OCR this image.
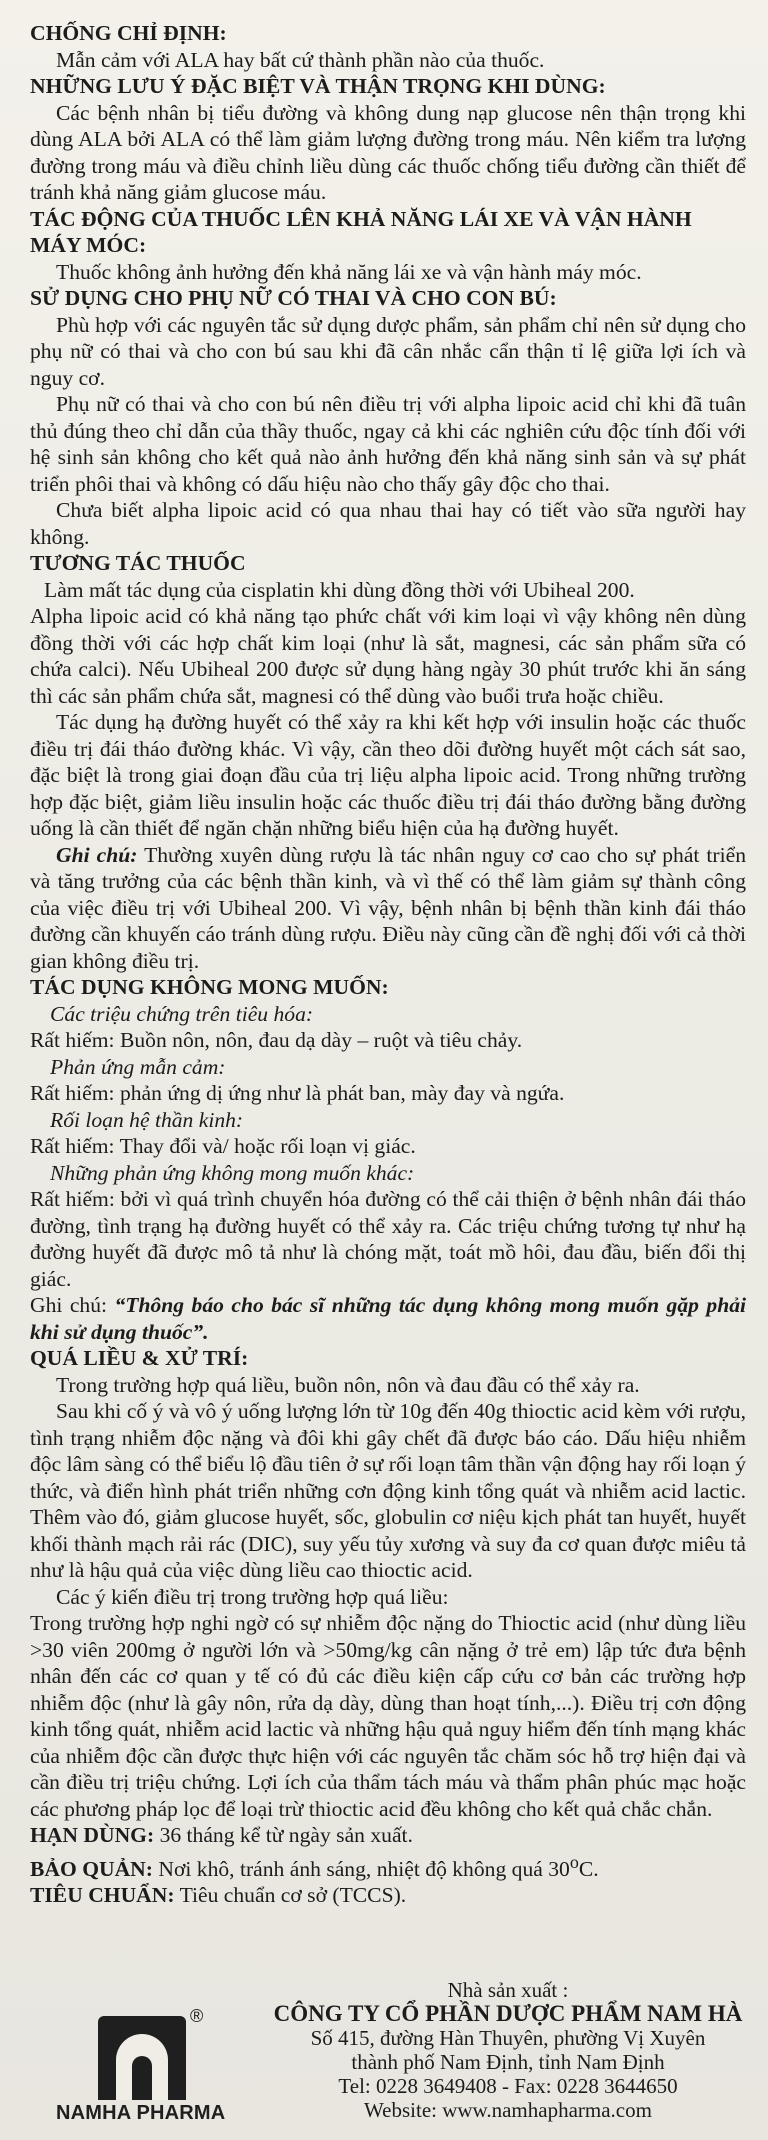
CHỐNG CHỈ ĐỊNH:

Mẫn cảm với ALA hay bất cứ thành phần nào của thuốc.

NHỮNG LƯU Ý ĐẶC BIỆT VÀ THẬN TRỌNG KHI DÙNG:

Các bệnh nhân bị tiểu đường và không dung nạp glucose nên thận trọng khi dùng ALA bởi ALA có thể làm giảm lượng đường trong máu. Nên kiểm tra lượng đường trong máu và điều chỉnh liều dùng các thuốc chống tiểu đường cần thiết để tránh khả năng giảm glucose máu.

TÁC ĐỘNG CỦA THUỐC LÊN KHẢ NĂNG LÁI XE VÀ VẬN HÀNH MÁY MÓC:

Thuốc không ảnh hưởng đến khả năng lái xe và vận hành máy móc.

SỬ DỤNG CHO PHỤ NỮ CÓ THAI VÀ CHO CON BÚ:

Phù hợp với các nguyên tắc sử dụng dược phẩm, sản phẩm chỉ nên sử dụng cho phụ nữ có thai và cho con bú sau khi đã cân nhắc cẩn thận tỉ lệ giữa lợi ích và nguy cơ.

Phụ nữ có thai và cho con bú nên điều trị với alpha lipoic acid chỉ khi đã tuân thủ đúng theo chỉ dẫn của thầy thuốc, ngay cả khi các nghiên cứu độc tính đối với hệ sinh sản không cho kết quả nào ảnh hưởng đến khả năng sinh sản và sự phát triển phôi thai và không có dấu hiệu nào cho thấy gây độc cho thai.

Chưa biết alpha lipoic acid có qua nhau thai hay có tiết vào sữa người hay không.

TƯƠNG TÁC THUỐC

Làm mất tác dụng của cisplatin khi dùng đồng thời với Ubiheal 200.

Alpha lipoic acid có khả năng tạo phức chất với kim loại vì vậy không nên dùng đồng thời với các hợp chất kim loại (như là sắt, magnesi, các sản phẩm sữa có chứa calci). Nếu Ubiheal 200 được sử dụng hàng ngày 30 phút trước khi ăn sáng thì các sản phẩm chứa sắt, magnesi có thể dùng vào buổi trưa hoặc chiều.

Tác dụng hạ đường huyết có thể xảy ra khi kết hợp với insulin hoặc các thuốc điều trị đái tháo đường khác. Vì vậy, cần theo dõi đường huyết một cách sát sao, đặc biệt là trong giai đoạn đầu của trị liệu alpha lipoic acid. Trong những trường hợp đặc biệt, giảm liều insulin hoặc các thuốc điều trị đái tháo đường bằng đường uống là cần thiết để ngăn chặn những biểu hiện của hạ đường huyết.

Ghi chú: Thường xuyên dùng rượu là tác nhân nguy cơ cao cho sự phát triển và tăng trưởng của các bệnh thần kinh, và vì thế có thể làm giảm sự thành công của việc điều trị với Ubiheal 200. Vì vậy, bệnh nhân bị bệnh thần kinh đái tháo đường cần khuyến cáo tránh dùng rượu. Điều này cũng cần đề nghị đối với cả thời gian không điều trị.

TÁC DỤNG KHÔNG MONG MUỐN:

Các triệu chứng trên tiêu hóa:

Rất hiếm: Buồn nôn, nôn, đau dạ dày – ruột và tiêu chảy.

Phản ứng mẫn cảm:

Rất hiếm: phản ứng dị ứng như là phát ban, mày đay và ngứa.

Rối loạn hệ thần kinh:

Rất hiếm: Thay đổi và/ hoặc rối loạn vị giác.

Những phản ứng không mong muốn khác:

Rất hiếm: bởi vì quá trình chuyển hóa đường có thể cải thiện ở bệnh nhân đái tháo đường, tình trạng hạ đường huyết có thể xảy ra. Các triệu chứng tương tự như hạ đường huyết đã được mô tả như là chóng mặt, toát mồ hôi, đau đầu, biến đổi thị giác.

Ghi chú: “Thông báo cho bác sĩ những tác dụng không mong muốn gặp phải khi sử dụng thuốc”.

QUÁ LIỀU & XỬ TRÍ:

Trong trường hợp quá liều, buồn nôn, nôn và đau đầu có thể xảy ra.

Sau khi cố ý và vô ý uống lượng lớn từ 10g đến 40g thioctic acid kèm với rượu, tình trạng nhiễm độc nặng và đôi khi gây chết đã được báo cáo. Dấu hiệu nhiễm độc lâm sàng có thể biểu lộ đầu tiên ở sự rối loạn tâm thần vận động hay rối loạn ý thức, và điển hình phát triển những cơn động kinh tổng quát và nhiễm acid lactic. Thêm vào đó, giảm glucose huyết, sốc, globulin cơ niệu kịch phát tan huyết, huyết khối thành mạch rải rác (DIC), suy yếu tủy xương và suy đa cơ quan được miêu tả như là hậu quả của việc dùng liều cao thioctic acid.

Các ý kiến điều trị trong trường hợp quá liều:

Trong trường hợp nghi ngờ có sự nhiễm độc nặng do Thioctic acid (như dùng liều >30 viên 200mg ở người lớn và >50mg/kg cân nặng ở trẻ em) lập tức đưa bệnh nhân đến các cơ quan y tế có đủ các điều kiện cấp cứu cơ bản các trường hợp nhiễm độc (như là gây nôn, rửa dạ dày, dùng than hoạt tính,...). Điều trị cơn động kinh tổng quát, nhiễm acid lactic và những hậu quả nguy hiểm đến tính mạng khác của nhiễm độc cần được thực hiện với các nguyên tắc chăm sóc hỗ trợ hiện đại và cần điều trị triệu chứng. Lợi ích của thẩm tách máu và thẩm phân phúc mạc hoặc các phương pháp lọc để loại trừ thioctic acid đều không cho kết quả chắc chắn.

HẠN DÙNG: 36 tháng kể từ ngày sản xuất.

BẢO QUẢN: Nơi khô, tránh ánh sáng, nhiệt độ không quá 30$^o$C.

TIÊU CHUẨN: Tiêu chuẩn cơ sở (TCCS).

®
NAMHA PHARMA
Nhà sản xuất :
CÔNG TY CỔ PHẦN DƯỢC PHẨM NAM HÀ
Số 415, đường Hàn Thuyên, phường Vị Xuyên
thành phố Nam Định, tỉnh Nam Định
Tel: 0228 3649408 - Fax: 0228 3644650
Website: www.namhapharma.com
